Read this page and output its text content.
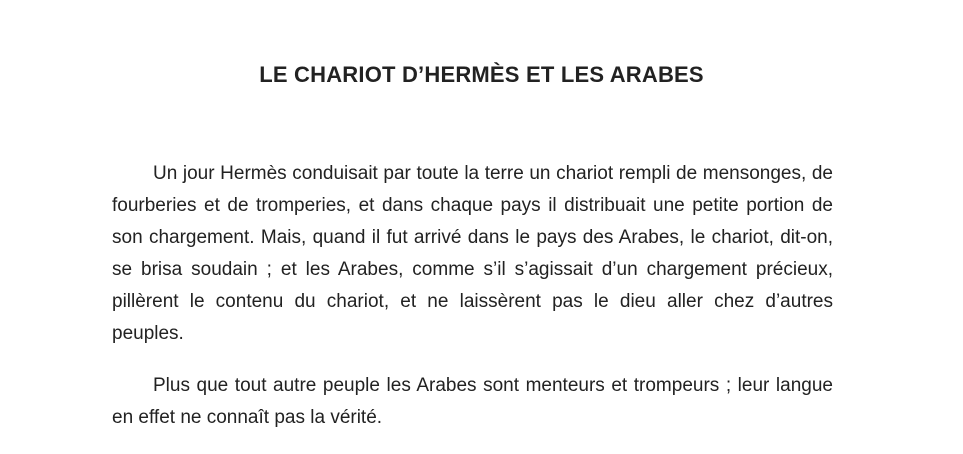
LE CHARIOT D’HERMÈS ET LES ARABES

Un jour Hermès conduisait par toute la terre un chariot rempli de mensonges, de fourberies et de tromperies, et dans chaque pays il distribuait une petite portion de son chargement. Mais, quand il fut arrivé dans le pays des Arabes, le chariot, dit-on, se brisa soudain ; et les Arabes, comme s’il s’agissait d’un chargement précieux, pillèrent le contenu du chariot, et ne laissèrent pas le dieu aller chez d’autres peuples.

Plus que tout autre peuple les Arabes sont menteurs et trompeurs ; leur langue en effet ne connaît pas la vérité.
